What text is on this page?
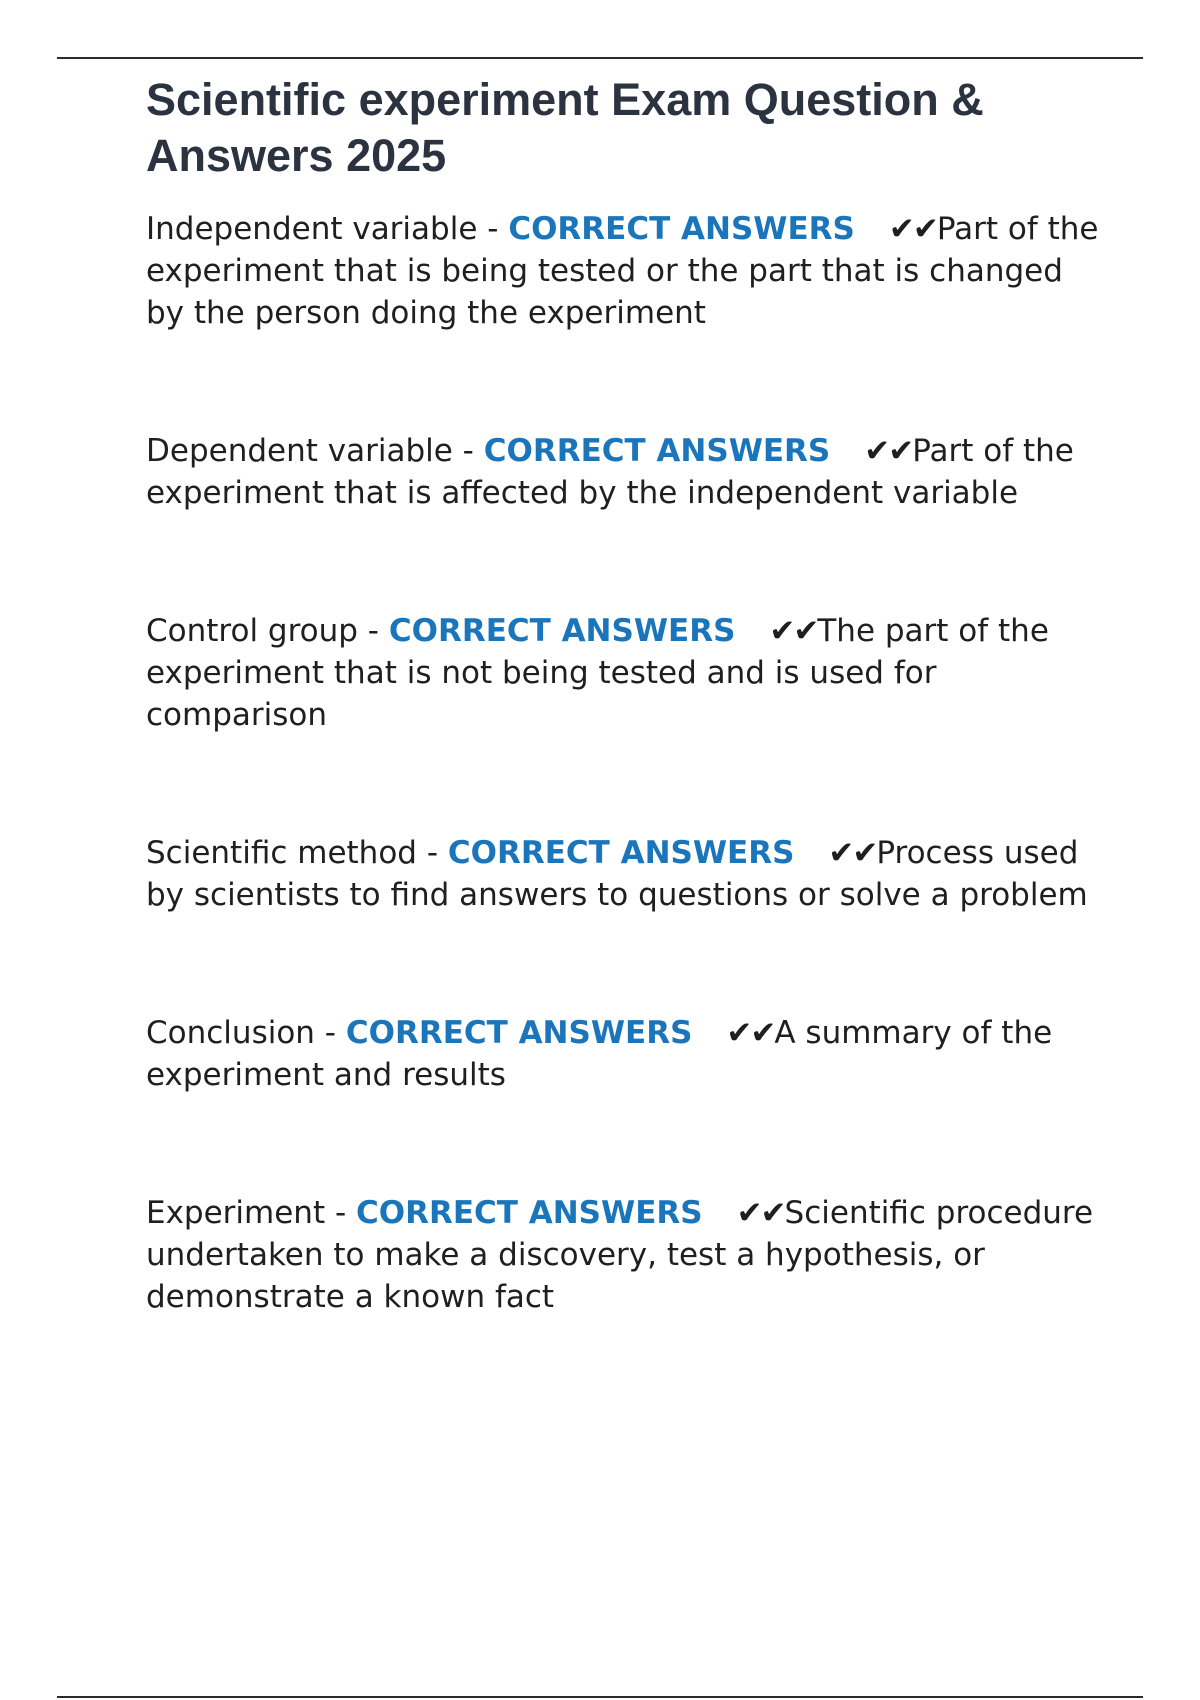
Scientific experiment Exam Question & Answers 2025

Independent variable - CORRECT ANSWERS ✔✔Part of the experiment that is being tested or the part that is changed by the person doing the experiment

Dependent variable - CORRECT ANSWERS ✔✔Part of the experiment that is affected by the independent variable

Control group - CORRECT ANSWERS ✔✔The part of the experiment that is not being tested and is used for comparison

Scientific method - CORRECT ANSWERS ✔✔Process used by scientists to find answers to questions or solve a problem

Conclusion - CORRECT ANSWERS ✔✔A summary of the experiment and results

Experiment - CORRECT ANSWERS ✔✔Scientific procedure undertaken to make a discovery, test a hypothesis, or demonstrate a known fact
